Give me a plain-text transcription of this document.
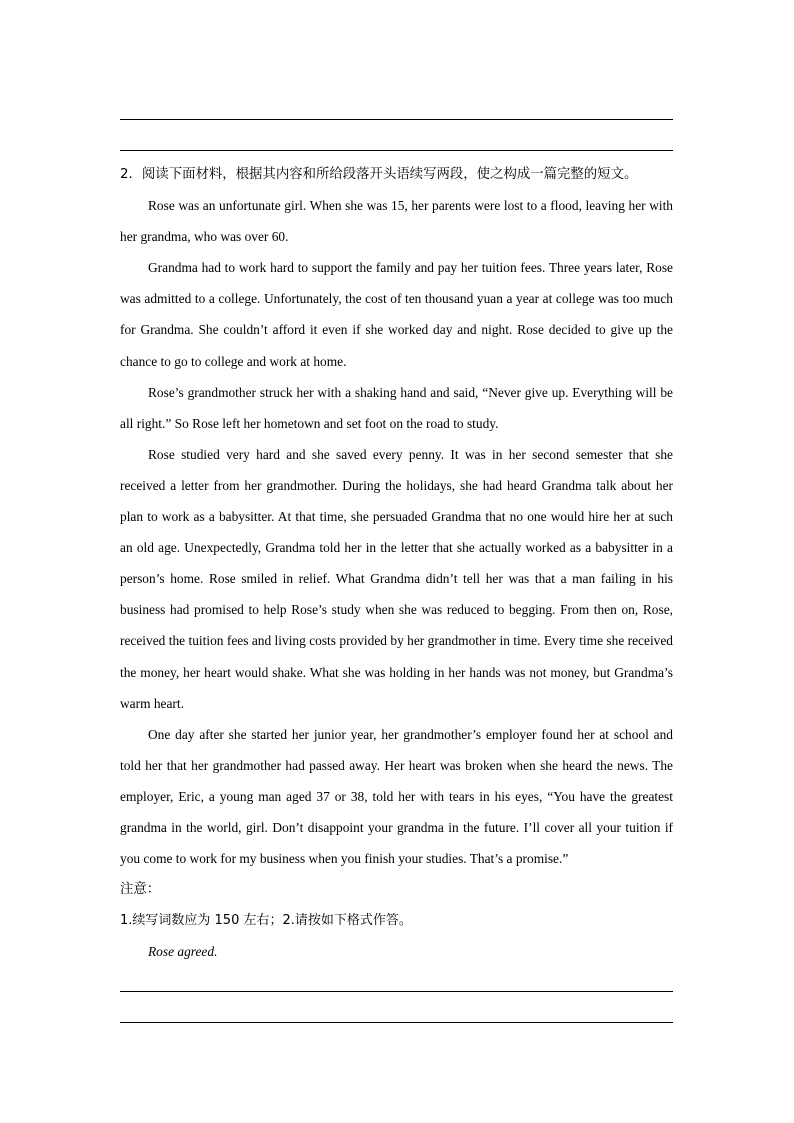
2．阅读下面材料，根据其内容和所给段落开头语续写两段，使之构成一篇完整的短文。

Rose was an unfortunate girl. When she was 15, her parents were lost to a flood, leaving her with her grandma, who was over 60.

Grandma had to work hard to support the family and pay her tuition fees. Three years later, Rose was admitted to a college. Unfortunately, the cost of ten thousand yuan a year at college was too much for Grandma. She couldn’t afford it even if she worked day and night. Rose decided to give up the chance to go to college and work at home.

Rose’s grandmother struck her with a shaking hand and said, “Never give up. Everything will be all right.” So Rose left her hometown and set foot on the road to study.

Rose studied very hard and she saved every penny. It was in her second semester that she received a letter from her grandmother. During the holidays, she had heard Grandma talk about her plan to work as a babysitter. At that time, she persuaded Grandma that no one would hire her at such an old age. Unexpectedly, Grandma told her in the letter that she actually worked as a babysitter in a person’s home. Rose smiled in relief. What Grandma didn’t tell her was that a man failing in his business had promised to help Rose’s study when she was reduced to begging. From then on, Rose, received the tuition fees and living costs provided by her grandmother in time. Every time she received the money, her heart would shake. What she was holding in her hands was not money, but Grandma’s warm heart.

One day after she started her junior year, her grandmother’s employer found her at school and told her that her grandmother had passed away. Her heart was broken when she heard the news. The employer, Eric, a young man aged 37 or 38, told her with tears in his eyes, “You have the greatest grandma in the world, girl. Don’t disappoint your grandma in the future. I’ll cover all your tuition if you come to work for my business when you finish your studies. That’s a promise.”

注意：

1.续写词数应为 150 左右；2.请按如下格式作答。

Rose agreed.
